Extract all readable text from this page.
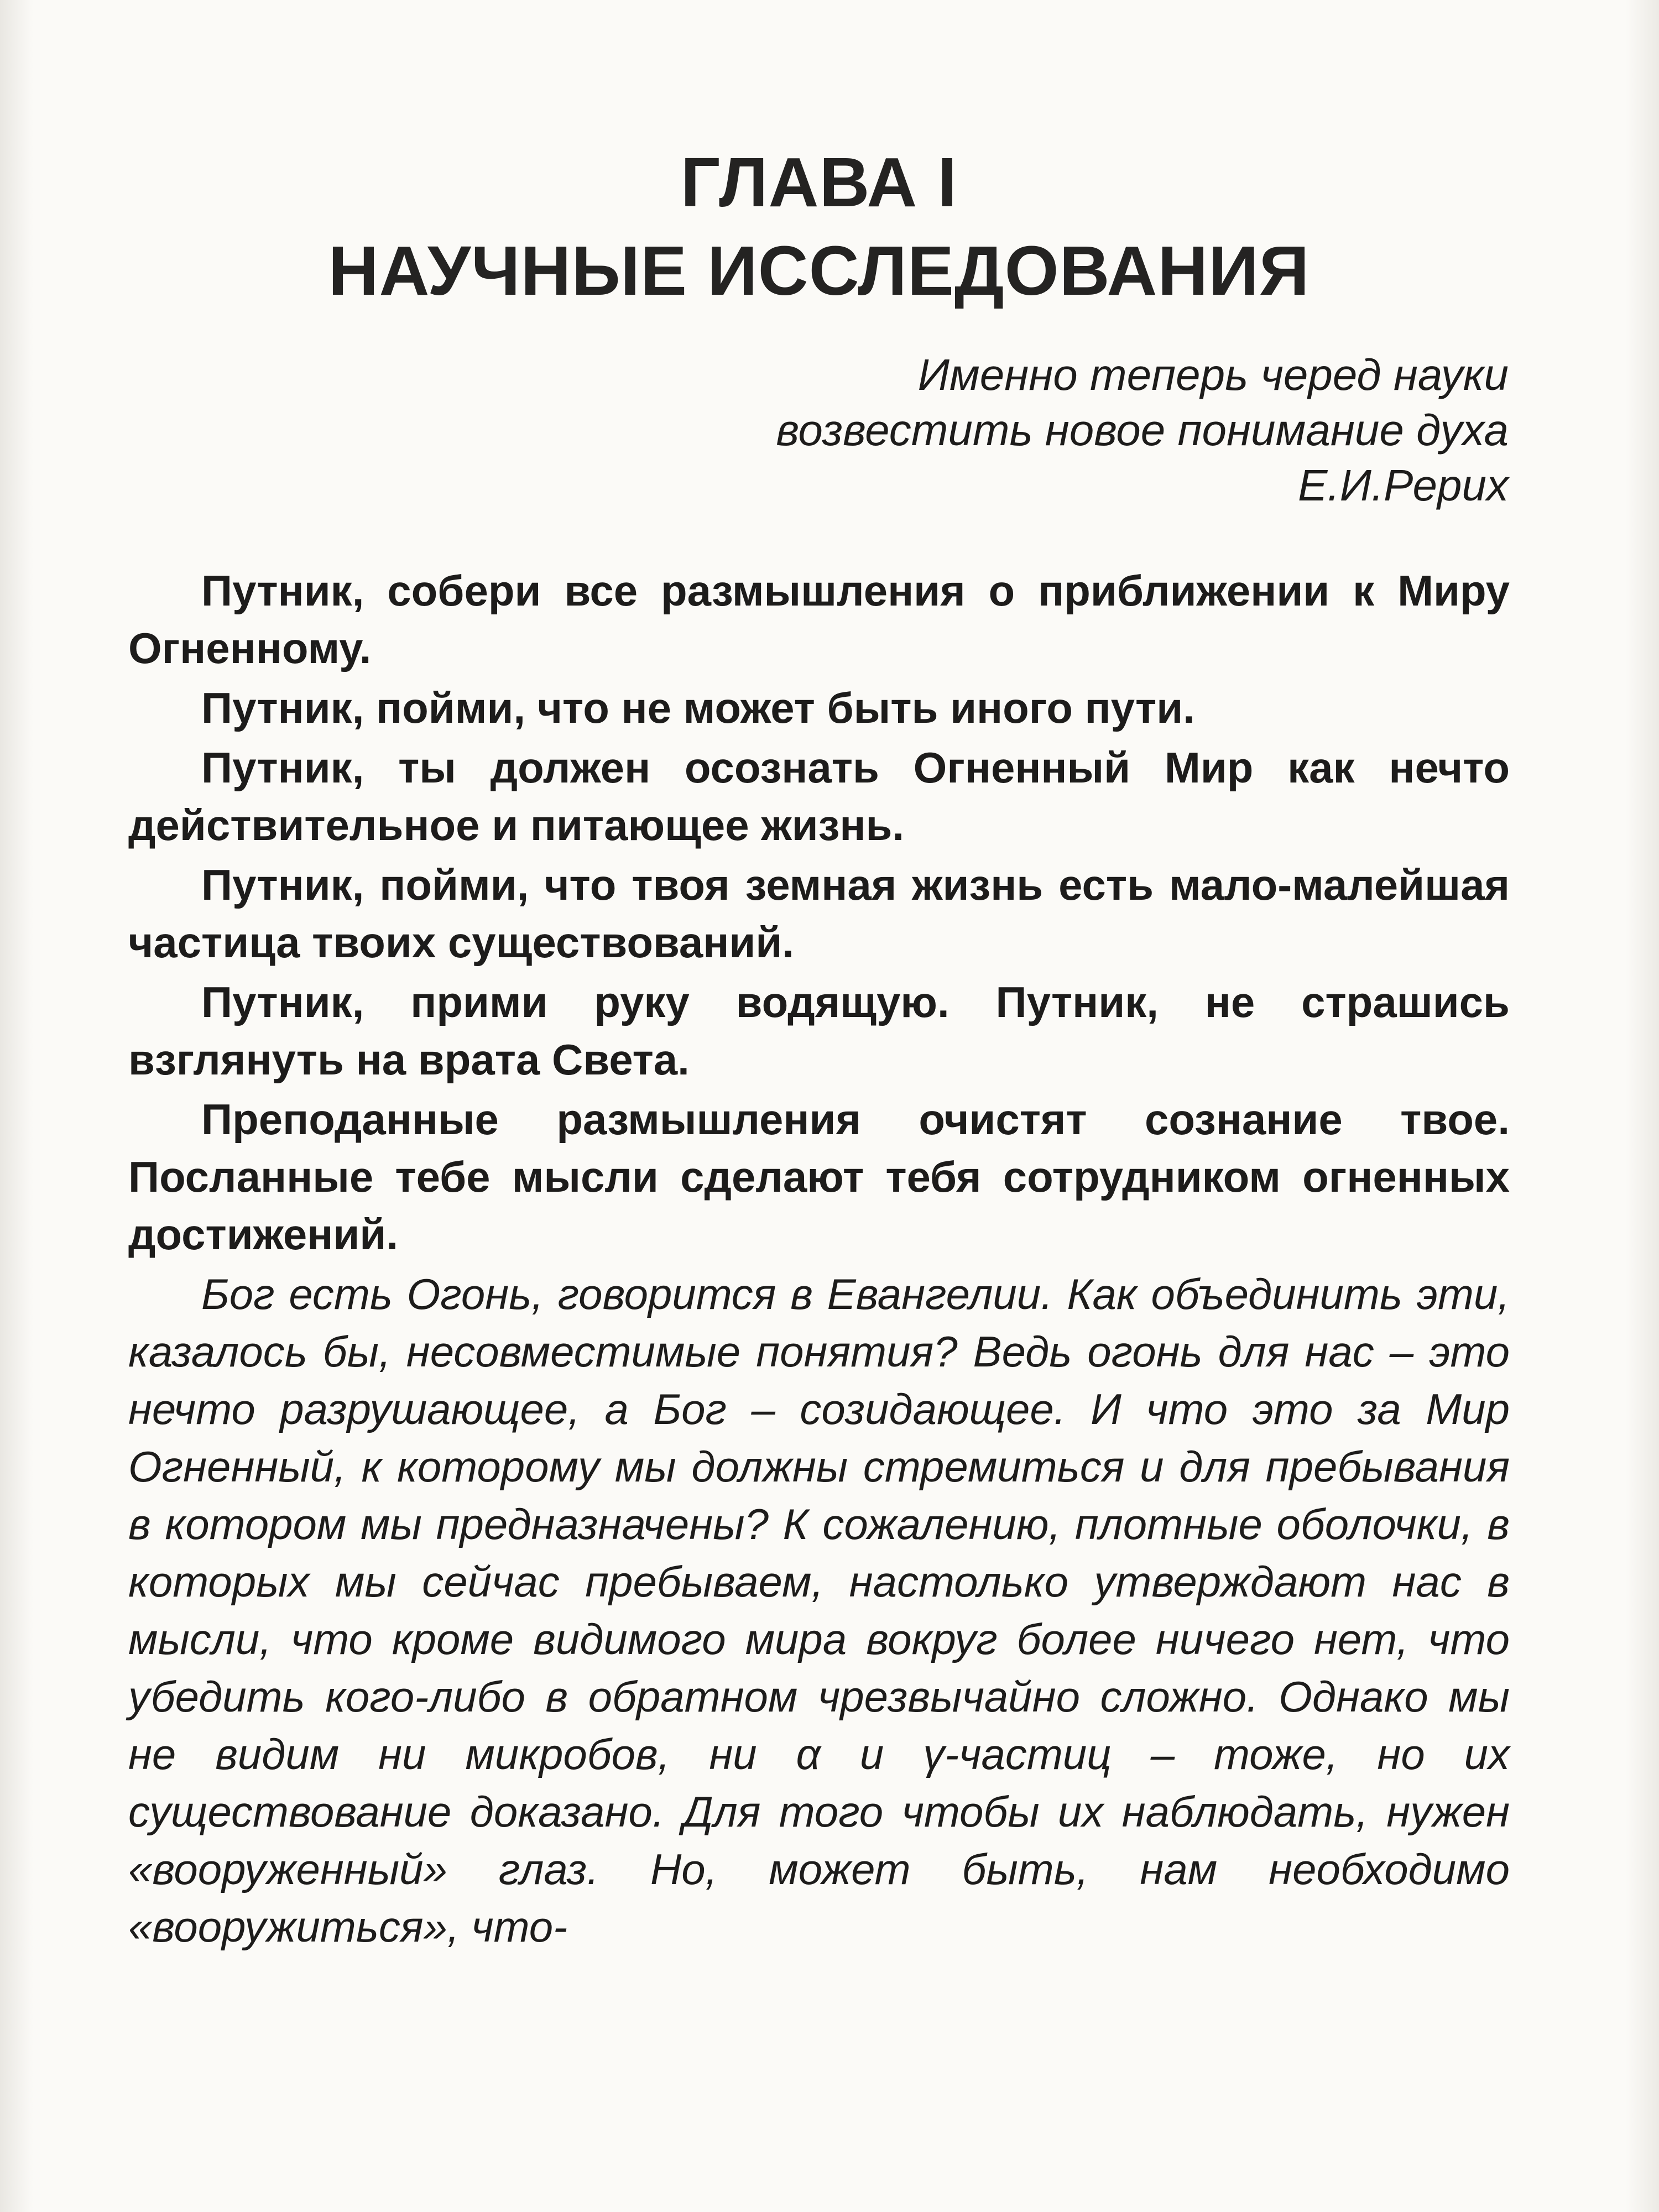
ГЛАВА I
НАУЧНЫЕ ИССЛЕДОВАНИЯ
Именно теперь черед науки
возвестить новое понимание духа
Е.И.Рерих

Путник, собери все размышления о приближении к Миру Огненному.

Путник, пойми, что не может быть иного пути.

Путник, ты должен осознать Огненный Мир как нечто действительное и питающее жизнь.

Путник, пойми, что твоя земная жизнь есть мало-малейшая частица твоих существований.

Путник, прими руку водящую. Путник, не страшись взглянуть на врата Света.

Преподанные размышления очистят сознание твое. Посланные тебе мысли сделают тебя сотрудником огненных достижений.

Бог есть Огонь, говорится в Евангелии. Как объединить эти, казалось бы, несовместимые понятия? Ведь огонь для нас – это нечто разрушающее, а Бог – созидающее. И что это за Мир Огненный, к которому мы должны стремиться и для пребывания в котором мы предназначены? К сожалению, плотные оболочки, в которых мы сейчас пребываем, настолько утверждают нас в мысли, что кроме видимого мира вокруг более ничего нет, что убедить кого-либо в обратном чрезвычайно сложно. Однако мы не видим ни микробов, ни α и γ-частиц – тоже, но их существование доказано. Для того чтобы их наблюдать, нужен «вооруженный» глаз. Но, может быть, нам необходимо «вооружиться», что-
